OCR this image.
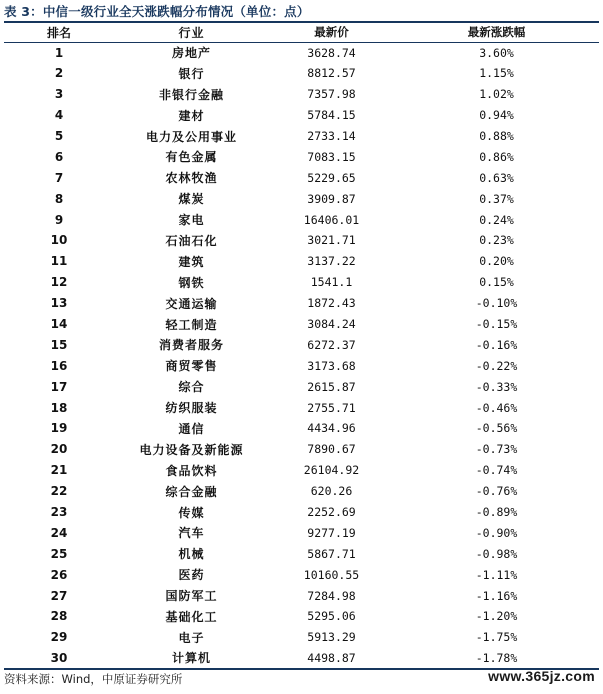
表 3：中信一级行业全天涨跌幅分布情况（单位：点）
排名	行业	最新价	最新涨跌幅
1	房地产	3628.74	3.60%
2	银行	8812.57	1.15%
3	非银行金融	7357.98	1.02%
4	建材	5784.15	0.94%
5	电力及公用事业	2733.14	0.88%
6	有色金属	7083.15	0.86%
7	农林牧渔	5229.65	0.63%
8	煤炭	3909.87	0.37%
9	家电	16406.01	0.24%
10	石油石化	3021.71	0.23%
11	建筑	3137.22	0.20%
12	钢铁	1541.1	0.15%
13	交通运输	1872.43	-0.10%
14	轻工制造	3084.24	-0.15%
15	消费者服务	6272.37	-0.16%
16	商贸零售	3173.68	-0.22%
17	综合	2615.87	-0.33%
18	纺织服装	2755.71	-0.46%
19	通信	4434.96	-0.56%
20	电力设备及新能源	7890.67	-0.73%
21	食品饮料	26104.92	-0.74%
22	综合金融	620.26	-0.76%
23	传媒	2252.69	-0.89%
24	汽车	9277.19	-0.90%
25	机械	5867.71	-0.98%
26	医药	10160.55	-1.11%
27	国防军工	7284.98	-1.16%
28	基础化工	5295.06	-1.20%
29	电子	5913.29	-1.75%
30	计算机	4498.87	-1.78%
资料来源：Wind，中原证券研究所	www.365jz.com
